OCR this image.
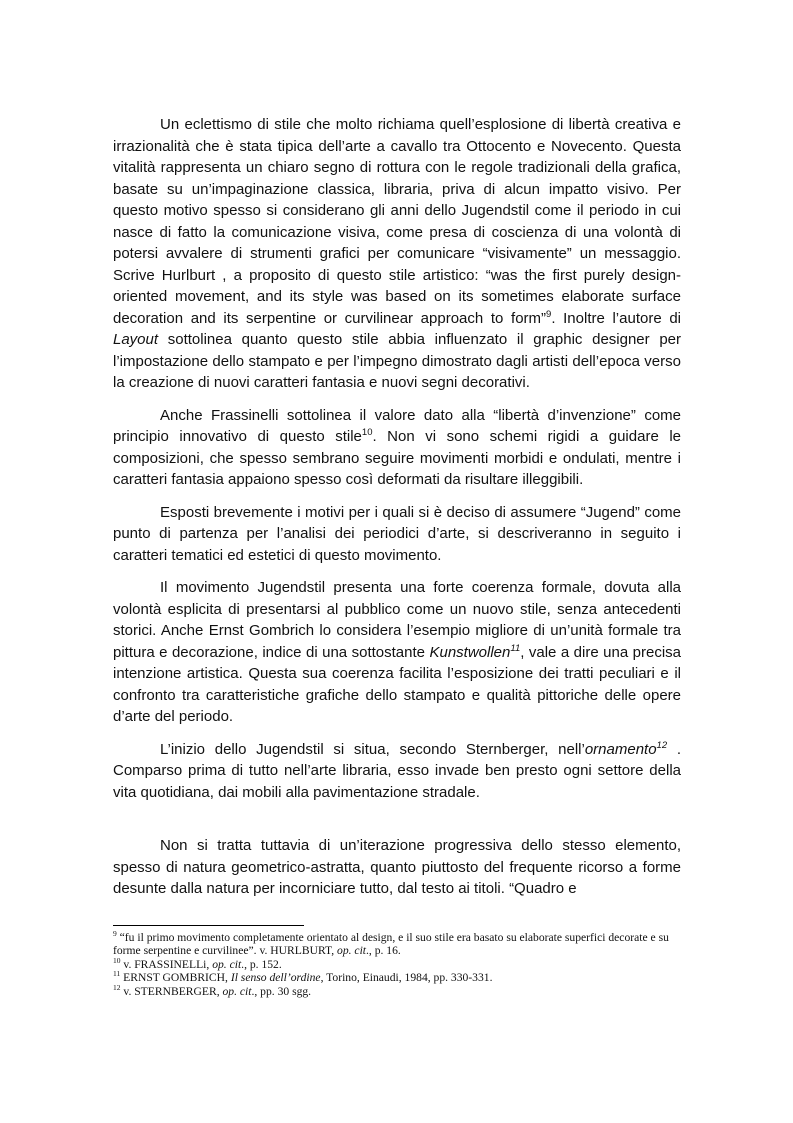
Un eclettismo di stile che molto richiama quell’esplosione di libertà creativa e irrazionalità che è stata tipica dell’arte a cavallo tra Ottocento e Novecento. Questa vitalità rappresenta un chiaro segno di rottura con le regole tradizionali della grafica, basate su un’impaginazione classica, libraria, priva di alcun impatto visivo. Per questo motivo spesso si considerano gli anni dello Jugendstil come il periodo in cui nasce di fatto la comunicazione visiva, come presa di coscienza di una volontà di potersi avvalere di strumenti grafici per comunicare “visivamente” un messaggio. Scrive Hurlburt , a proposito di questo stile artistico: “was the first purely design-oriented movement, and its style was based on its sometimes elaborate surface decoration and its serpentine or curvilinear approach to form”$^9$. Inoltre l’autore di Layout sottolinea quanto questo stile abbia influenzato il graphic designer per l’impostazione dello stampato e per l’impegno dimostrato dagli artisti dell’epoca verso la creazione di nuovi caratteri fantasia e nuovi segni decorativi.

Anche Frassinelli sottolinea il valore dato alla “libertà d’invenzione” come principio innovativo di questo stile$^{10}$. Non vi sono schemi rigidi a guidare le composizioni, che spesso sembrano seguire movimenti morbidi e ondulati, mentre i caratteri fantasia appaiono spesso così deformati da risultare illeggibili.

Esposti brevemente i motivi per i quali si è deciso di assumere “Jugend” come punto di partenza per l’analisi dei periodici d’arte, si descriveranno in seguito i caratteri tematici ed estetici di questo movimento.

Il movimento Jugendstil presenta una forte coerenza formale, dovuta alla volontà esplicita di presentarsi al pubblico come un nuovo stile, senza antecedenti storici. Anche Ernst Gombrich lo considera l’esempio migliore di un’unità formale tra pittura e decorazione, indice di una sottostante Kunstwollen$^{11}$, vale a dire una precisa intenzione artistica. Questa sua coerenza facilita l’esposizione dei tratti peculiari e il confronto tra caratteristiche grafiche dello stampato e qualità pittoriche delle opere d’arte del periodo.

L’inizio dello Jugendstil si situa, secondo Sternberger, nell’ornamento$^{12}$ . Comparso prima di tutto nell’arte libraria, esso invade ben presto ogni settore della vita quotidiana, dai mobili alla pavimentazione stradale.

Non si tratta tuttavia di un’iterazione progressiva dello stesso elemento, spesso di natura geometrico-astratta, quanto piuttosto del frequente ricorso a forme desunte dalla natura per incorniciare tutto, dal testo ai titoli. “Quadro e

$^9$ “fu il primo movimento completamente orientato al design, e il suo stile era basato su elaborate superfici decorate e su forme serpentine e curvilinee”. v. HURLBURT, op. cit., p. 16.

$^{10}$ v. FRASSINELLi, op. cit., p. 152.

$^{11}$ ERNST GOMBRICH, Il senso dell’ordine, Torino, Einaudi, 1984, pp. 330-331.

$^{12}$ v. STERNBERGER, op. cit., pp. 30 sgg.
